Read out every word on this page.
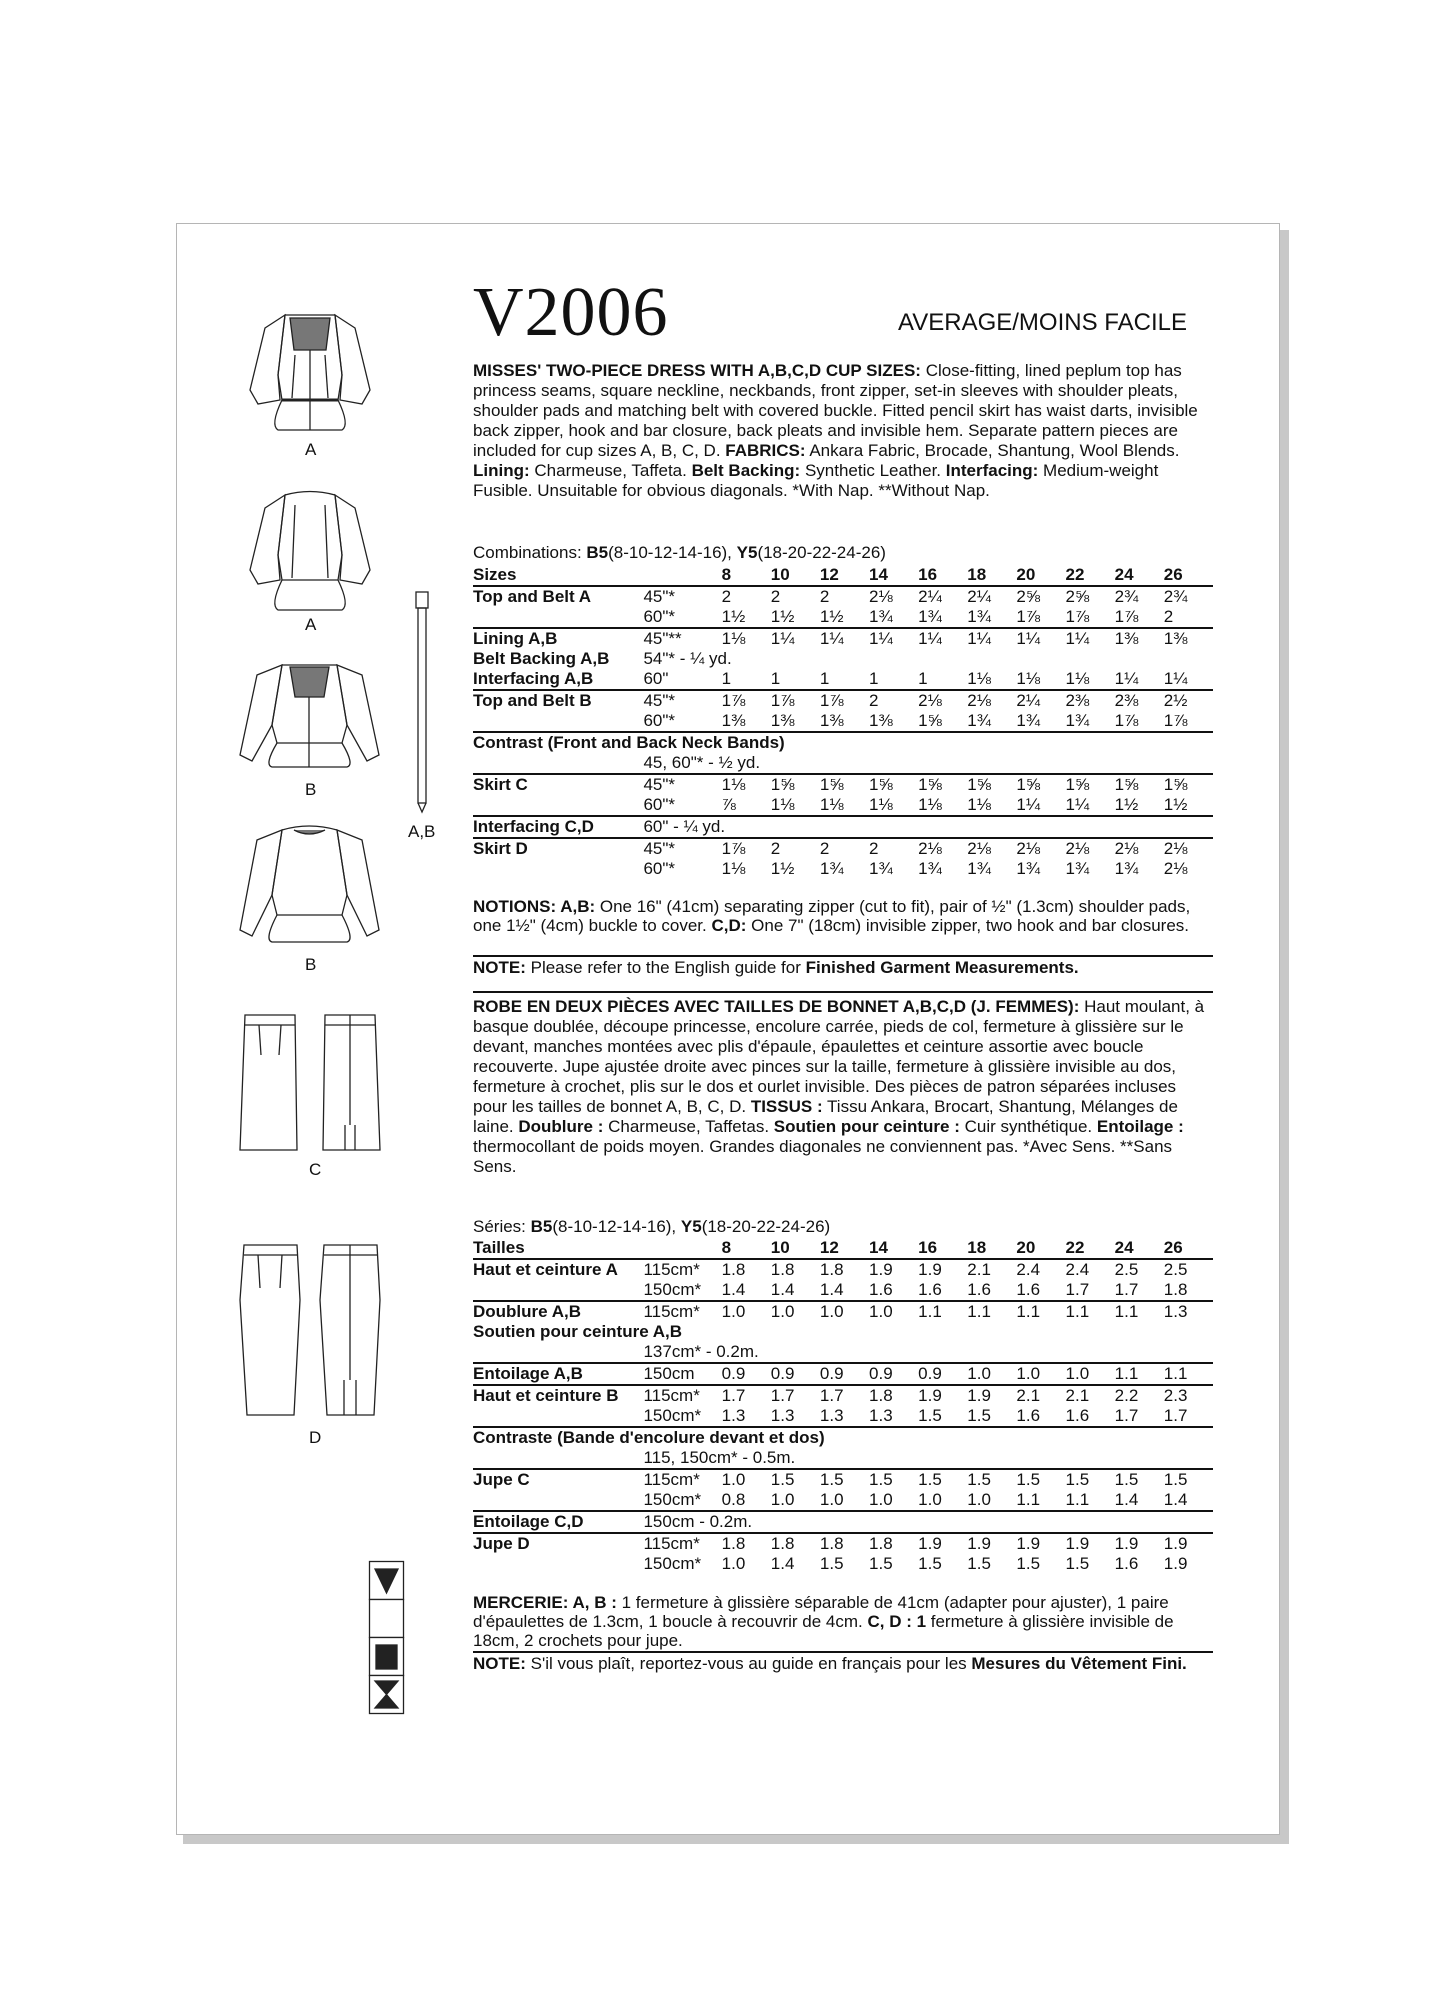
V2006	AVERAGE/MOINS FACILE
A
A
B
B
A,B
C
D

MISSES' TWO-PIECE DRESS WITH A,B,C,D CUP SIZES: Close-fitting, lined peplum top has princess seams, square neckline, neckbands, front zipper, set-in sleeves with shoulder pleats, shoulder pads and matching belt with covered buckle. Fitted pencil skirt has waist darts, invisible back zipper, hook and bar closure, back pleats and invisible hem. Separate pattern pieces are included for cup sizes A, B, C, D. FABRICS: Ankara Fabric, Brocade, Shantung, Wool Blends. Lining: Charmeuse, Taffeta. Belt Backing: Synthetic Leather. Interfacing: Medium-weight Fusible. Unsuitable for obvious diagonals. *With Nap. **Without Nap.

Combinations: B5(8-10-12-14-16), Y5(18-20-22-24-26)
Sizes		8	10	12	14	16	18	20	22	24	26
Top and Belt A	45"*	2	2	2	2⅛	2¼	2¼	2⅝	2⅝	2¾	2¾
	60"*	1½	1½	1½	1¾	1¾	1¾	1⅞	1⅞	1⅞	2
Lining A,B	45"**	1⅛	1¼	1¼	1¼	1¼	1¼	1¼	1¼	1⅜	1⅜
Belt Backing A,B	54"* - ¼ yd.										
Interfacing A,B	60"	1	1	1	1	1	1⅛	1⅛	1⅛	1¼	1¼
Top and Belt B	45"*	1⅞	1⅞	1⅞	2	2⅛	2⅛	2¼	2⅜	2⅜	2½
	60"*	1⅜	1⅜	1⅜	1⅜	1⅝	1¾	1¾	1¾	1⅞	1⅞
Contrast (Front and Back Neck Bands)											
	45, 60"* - ½ yd.										
Skirt C	45"*	1⅛	1⅝	1⅝	1⅝	1⅝	1⅝	1⅝	1⅝	1⅝	1⅝
	60"*	⅞	1⅛	1⅛	1⅛	1⅛	1⅛	1¼	1¼	1½	1½
Interfacing C,D	60" - ¼ yd.										
Skirt D	45"*	1⅞	2	2	2	2⅛	2⅛	2⅛	2⅛	2⅛	2⅛
	60"*	1⅛	1½	1¾	1¾	1¾	1¾	1¾	1¾	1¾	2⅛

NOTIONS: A,B: One 16" (41cm) separating zipper (cut to fit), pair of ½" (1.3cm) shoulder pads, one 1½" (4cm) buckle to cover. C,D: One 7" (18cm) invisible zipper, two hook and bar closures.

NOTE: Please refer to the English guide for Finished Garment Measurements.

ROBE EN DEUX PIÈCES AVEC TAILLES DE BONNET A,B,C,D (J. FEMMES): Haut moulant, à basque doublée, découpe princesse, encolure carrée, pieds de col, fermeture à glissière sur le devant, manches montées avec plis d'épaule, épaulettes et ceinture assortie avec boucle recouverte. Jupe ajustée droite avec pinces sur la taille, fermeture à glissière invisible au dos, fermeture à crochet, plis sur le dos et ourlet invisible. Des pièces de patron séparées incluses pour les tailles de bonnet A, B, C, D. TISSUS : Tissu Ankara, Brocart, Shantung, Mélanges de laine. Doublure : Charmeuse, Taffetas. Soutien pour ceinture : Cuir synthétique. Entoilage : thermocollant de poids moyen. Grandes diagonales ne conviennent pas. *Avec Sens. **Sans Sens.

Séries: B5(8-10-12-14-16), Y5(18-20-22-24-26)
Tailles		8	10	12	14	16	18	20	22	24	26
Haut et ceinture A	115cm*	1.8	1.8	1.8	1.9	1.9	2.1	2.4	2.4	2.5	2.5
	150cm*	1.4	1.4	1.4	1.6	1.6	1.6	1.6	1.7	1.7	1.8
Doublure A,B	115cm*	1.0	1.0	1.0	1.0	1.1	1.1	1.1	1.1	1.1	1.3
Soutien pour ceinture A,B											
	137cm* - 0.2m.										
Entoilage A,B	150cm	0.9	0.9	0.9	0.9	0.9	1.0	1.0	1.0	1.1	1.1
Haut et ceinture B	115cm*	1.7	1.7	1.7	1.8	1.9	1.9	2.1	2.1	2.2	2.3
	150cm*	1.3	1.3	1.3	1.3	1.5	1.5	1.6	1.6	1.7	1.7
Contraste (Bande d'encolure devant et dos)											
	115, 150cm* - 0.5m.										
Jupe C	115cm*	1.0	1.5	1.5	1.5	1.5	1.5	1.5	1.5	1.5	1.5
	150cm*	0.8	1.0	1.0	1.0	1.0	1.0	1.1	1.1	1.4	1.4
Entoilage C,D	150cm - 0.2m.										
Jupe D	115cm*	1.8	1.8	1.8	1.8	1.9	1.9	1.9	1.9	1.9	1.9
	150cm*	1.0	1.4	1.5	1.5	1.5	1.5	1.5	1.5	1.6	1.9

MERCERIE: A, B : 1 fermeture à glissière séparable de 41cm (adapter pour ajuster), 1 paire d'épaulettes de 1.3cm, 1 boucle à recouvrir de 4cm. C, D : 1 fermeture à glissière invisible de 18cm, 2 crochets pour jupe.

NOTE: S'il vous plaît, reportez-vous au guide en français pour les Mesures du Vêtement Fini.
